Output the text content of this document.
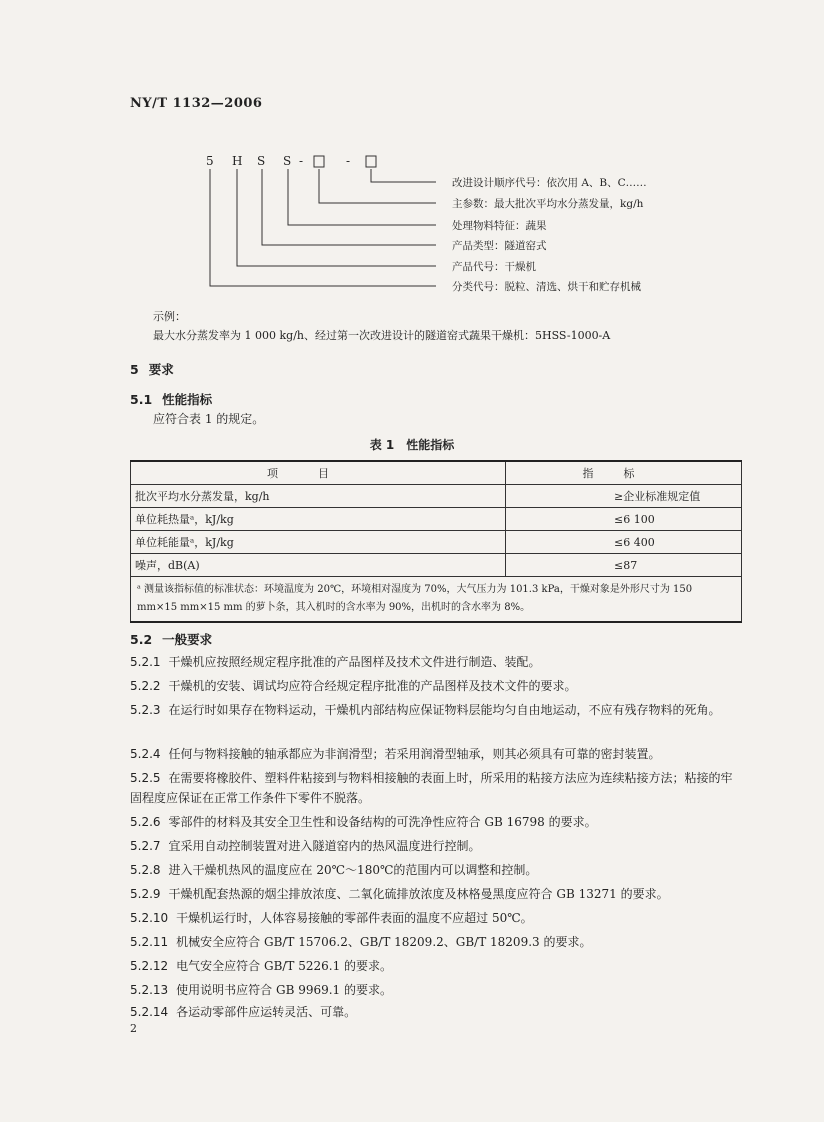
NY/T 1132—2006
5 H S S -	-
改进设计顺序代号：依次用 A、B、C……
主参数：最大批次平均水分蒸发量，kg/h
处理物料特征：蔬果
产品类型：隧道窑式
产品代号：干燥机
分类代号：脱粒、清选、烘干和贮存机械
示例：
最大水分蒸发率为 1 000 kg/h、经过第一次改进设计的隧道窑式蔬果干燥机：5HSS-1000-A
5 要求
5.1 性能指标
应符合表 1 的规定。
表 1　性能指标
项目	指标
批次平均水分蒸发量，kg/h	≥企业标准规定值
单位耗热量ᵃ，kJ/kg	≤6 100
单位耗能量ᵃ，kJ/kg	≤6 400
噪声，dB(A)	≤87
ᵃ 测量该指标值的标准状态：环境温度为 20℃，环境相对湿度为 70%，大气压力为 101.3 kPa，干燥对象是外形尺寸为 150 mm×15 mm×15 mm 的萝卜条，其入机时的含水率为 90%，出机时的含水率为 8%。	
5.2 一般要求
5.2.1 干燥机应按照经规定程序批准的产品图样及技术文件进行制造、装配。
5.2.2 干燥机的安装、调试均应符合经规定程序批准的产品图样及技术文件的要求。
5.2.3 在运行时如果存在物料运动，干燥机内部结构应保证物料层能均匀自由地运动，不应有残存物料的死角。
5.2.4 任何与物料接触的轴承都应为非润滑型；若采用润滑型轴承，则其必须具有可靠的密封装置。
5.2.5 在需要将橡胶件、塑料件粘接到与物料相接触的表面上时，所采用的粘接方法应为连续粘接方法；粘接的牢固程度应保证在正常工作条件下零件不脱落。
5.2.6 零部件的材料及其安全卫生性和设备结构的可洗净性应符合 GB 16798 的要求。
5.2.7 宜采用自动控制装置对进入隧道窑内的热风温度进行控制。
5.2.8 进入干燥机热风的温度应在 20℃～180℃的范围内可以调整和控制。
5.2.9 干燥机配套热源的烟尘排放浓度、二氧化硫排放浓度及林格曼黑度应符合 GB 13271 的要求。
5.2.10 干燥机运行时，人体容易接触的零部件表面的温度不应超过 50℃。
5.2.11 机械安全应符合 GB/T 15706.2、GB/T 18209.2、GB/T 18209.3 的要求。
5.2.12 电气安全应符合 GB/T 5226.1 的要求。
5.2.13 使用说明书应符合 GB 9969.1 的要求。
5.2.14 各运动零部件应运转灵活、可靠。
2
